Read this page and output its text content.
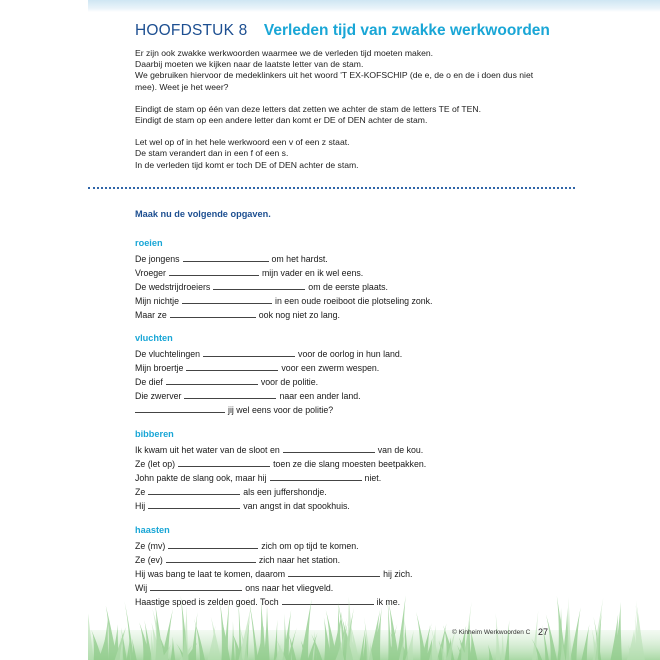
HOOFDSTUK 8 Verleden tijd van zwakke werkwoorden

Er zijn ook zwakke werkwoorden waarmee we de verleden tijd moeten maken.
Daarbij moeten we kijken naar de laatste letter van de stam.
We gebruiken hiervoor de medeklinkers uit het woord 'T EX-KOFSCHIP (de e, de o en de i doen dus niet
mee). Weet je het weer?

Eindigt de stam op één van deze letters dat zetten we achter de stam de letters TE of TEN.
Eindigt de stam op een andere letter dan komt er DE of DEN achter de stam.

Let wel op of in het hele werkwoord een v of een z staat.
De stam verandert dan in een f of een s.
In de verleden tijd komt er toch DE of DEN achter de stam.

Maak nu de volgende opgaven.
roeien
De jongens	om het hardst.
Vroeger	mijn vader en ik wel eens.
De wedstrijdroeiers	om de eerste plaats.
Mijn nichtje	in een oude roeiboot die plotseling zonk.
Maar ze	ook nog niet zo lang.
vluchten
De vluchtelingen	voor de oorlog in hun land.
Mijn broertje	voor een zwerm wespen.
De dief	voor de politie.
Die zwerver	naar een ander land.
jij wel eens voor de politie?
bibberen
Ik kwam uit het water van de sloot en	van de kou.
Ze (let op)	toen ze die slang moesten beetpakken.
John pakte de slang ook, maar hij	niet.
Ze	als een juffershondje.
Hij	van angst in dat spookhuis.
haasten
Ze (mv)	zich om op tijd te komen.
Ze (ev)	zich naar het station.
Hij was bang te laat te komen, daarom	hij zich.
Wij	ons naar het vliegveld.
Haastige spoed is zelden goed. Toch	ik me.
© Kinheim Werkwoorden C 27
